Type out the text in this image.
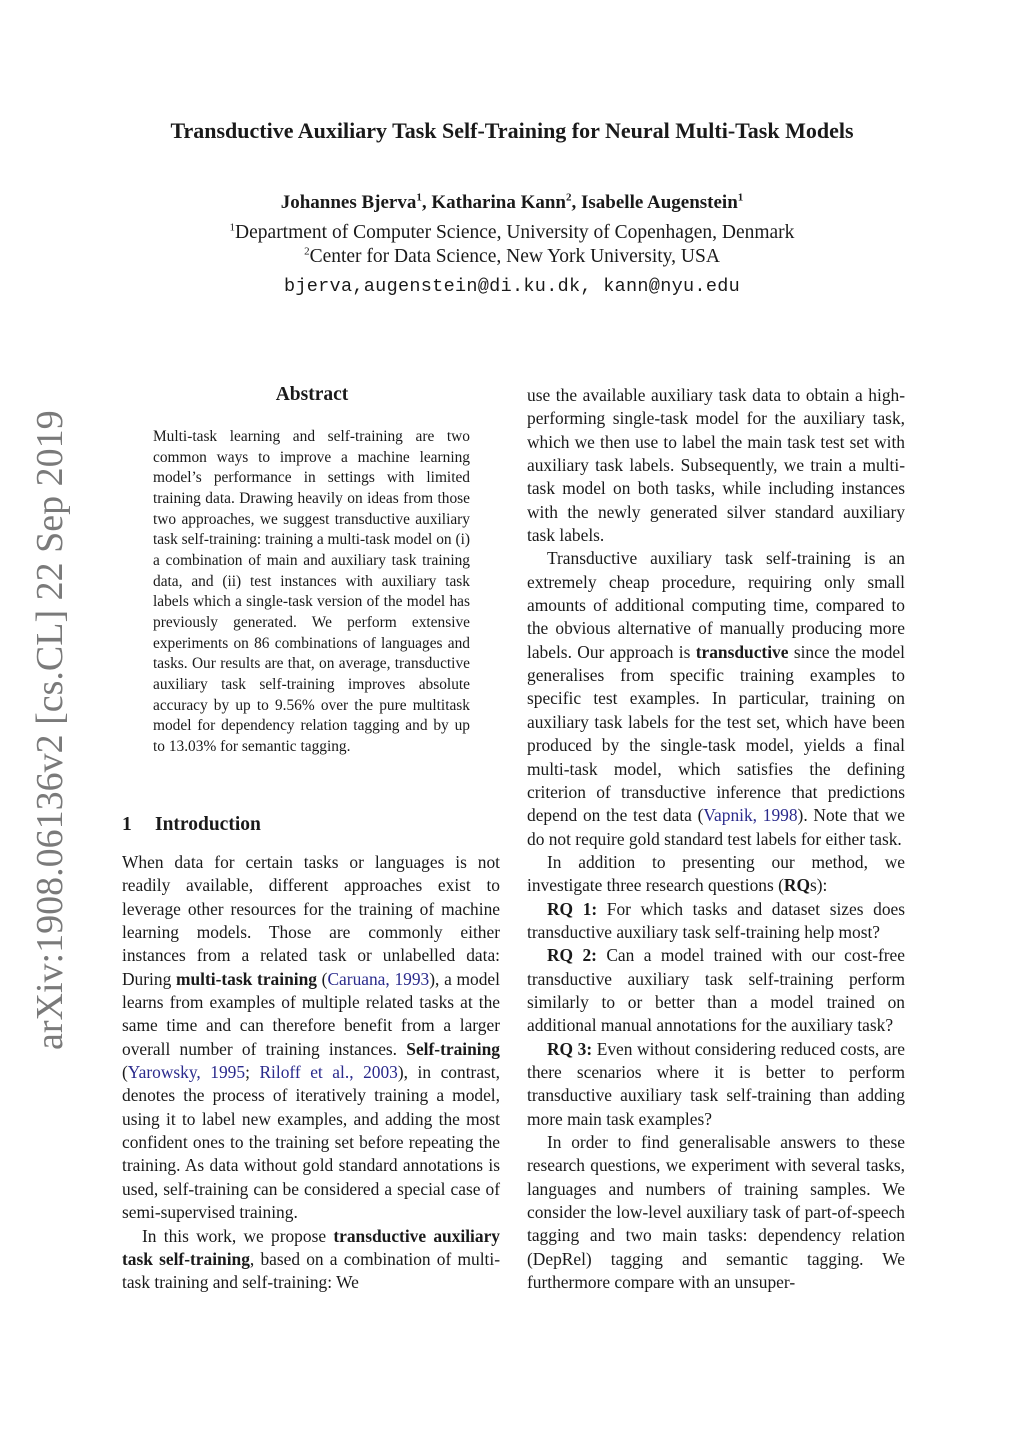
arXiv:1908.06136v2 [cs.CL] 22 Sep 2019
Transductive Auxiliary Task Self-Training for Neural Multi-Task Models
Johannes Bjerva$^1$, Katharina Kann$^2$, Isabelle Augenstein$^1$
$^1$Department of Computer Science, University of Copenhagen, Denmark
$^2$Center for Data Science, New York University, USA
bjerva,augenstein@di.ku.dk, kann@nyu.edu
Abstract

Multi-task learning and self-training are two common ways to improve a machine learning model’s performance in settings with limited training data. Drawing heavily on ideas from those two approaches, we suggest transductive auxiliary task self-training: training a multi-task model on (i) a combination of main and auxiliary task training data, and (ii) test instances with auxiliary task labels which a single-task version of the model has previously generated. We perform extensive experiments on 86 combinations of languages and tasks. Our results are that, on average, transductive auxiliary task self-training improves absolute accuracy by up to 9.56% over the pure multitask model for dependency relation tagging and by up to 13.03% for semantic tagging.

1 Introduction

When data for certain tasks or languages is not readily available, different approaches exist to leverage other resources for the training of machine learning models. Those are commonly either instances from a related task or unlabelled data: During multi-task training (Caruana, 1993), a model learns from examples of multiple related tasks at the same time and can therefore benefit from a larger overall number of training instances. Self-training (Yarowsky, 1995; Riloff et al., 2003), in contrast, denotes the process of iteratively training a model, using it to label new examples, and adding the most confident ones to the training set before repeating the training. As data without gold standard annotations is used, self-training can be considered a special case of semi-supervised training.

In this work, we propose transductive auxiliary task self-training, based on a combination of multi-task training and self-training: We

use the available auxiliary task data to obtain a high-performing single-task model for the auxiliary task, which we then use to label the main task test set with auxiliary task labels. Subsequently, we train a multi-task model on both tasks, while including instances with the newly generated silver standard auxiliary task labels.

Transductive auxiliary task self-training is an extremely cheap procedure, requiring only small amounts of additional computing time, compared to the obvious alternative of manually producing more labels. Our approach is transductive since the model generalises from specific training examples to specific test examples. In particular, training on auxiliary task labels for the test set, which have been produced by the single-task model, yields a final multi-task model, which satisfies the defining criterion of transductive inference that predictions depend on the test data (Vapnik, 1998). Note that we do not require gold standard test labels for either task.

In addition to presenting our method, we investigate three research questions (RQs):

RQ 1: For which tasks and dataset sizes does transductive auxiliary task self-training help most?

RQ 2: Can a model trained with our cost-free transductive auxiliary task self-training perform similarly to or better than a model trained on additional manual annotations for the auxiliary task?

RQ 3: Even without considering reduced costs, are there scenarios where it is better to perform transductive auxiliary task self-training than adding more main task examples?

In order to find generalisable answers to these research questions, we experiment with several tasks, languages and numbers of training samples. We consider the low-level auxiliary task of part-of-speech tagging and two main tasks: dependency relation (DepRel) tagging and semantic tagging. We furthermore compare with an unsuper-
